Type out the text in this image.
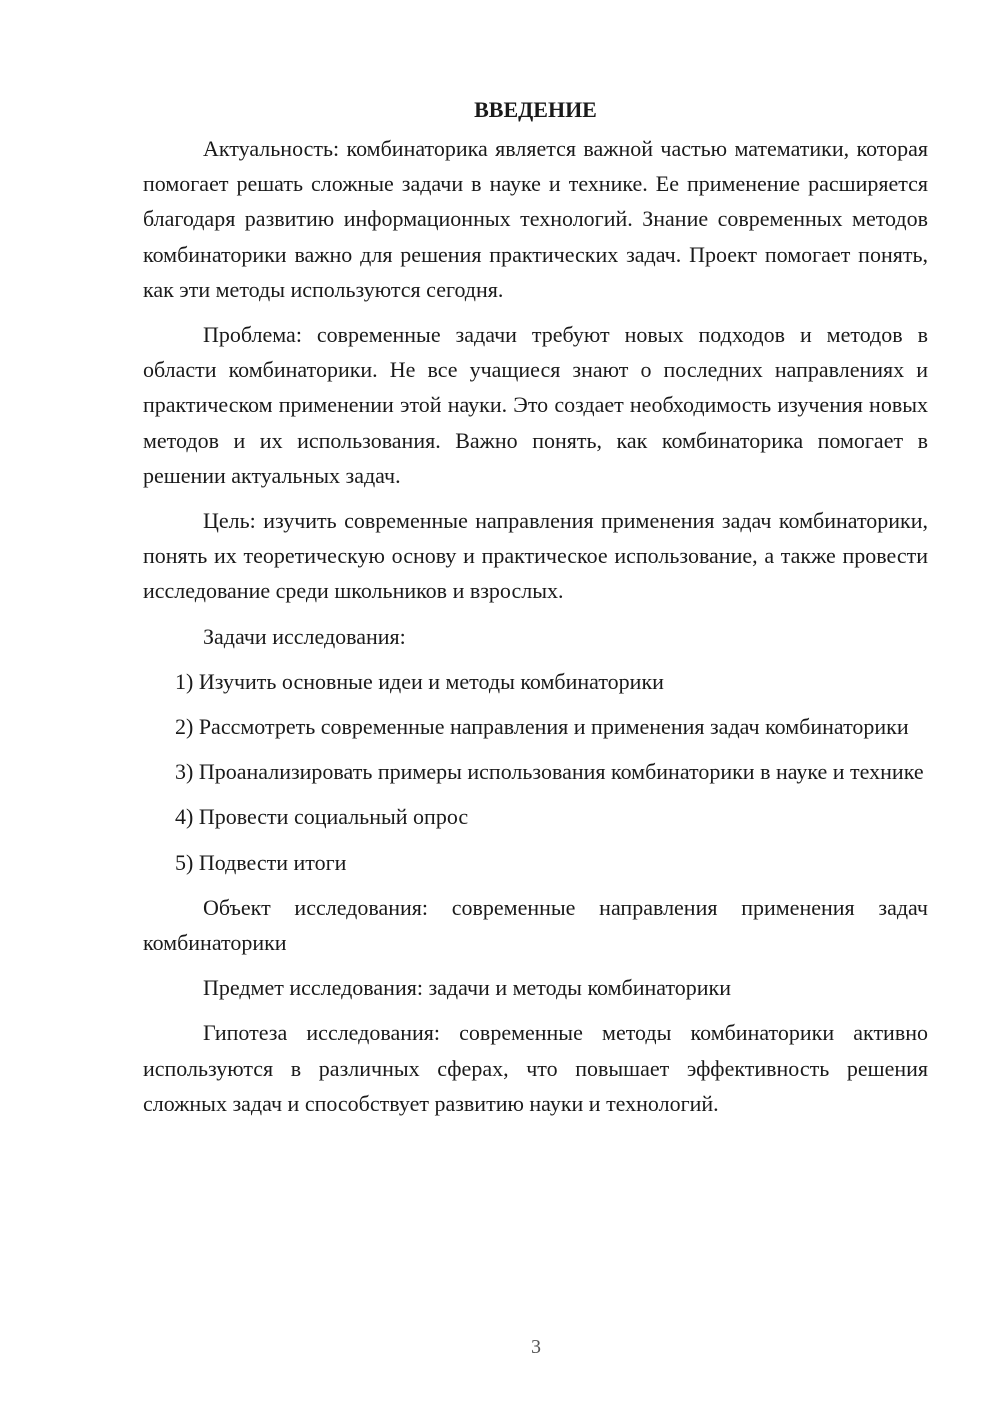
ВВЕДЕНИЕ

Актуальность: комбинаторика является важной частью математики, которая помогает решать сложные задачи в науке и технике. Ее применение расширяется благодаря развитию информационных технологий. Знание современных методов комбинаторики важно для решения практических задач. Проект помогает понять, как эти методы используются сегодня.

Проблема: современные задачи требуют новых подходов и методов в области комбинаторики. Не все учащиеся знают о последних направлениях и практическом применении этой науки. Это создает необходимость изучения новых методов и их использования. Важно понять, как комбинаторика помогает в решении актуальных задач.

Цель: изучить современные направления применения задач комбинаторики, понять их теоретическую основу и практическое использование, а также провести исследование среди школьников и взрослых.

Задачи исследования:

1) Изучить основные идеи и методы комбинаторики

2) Рассмотреть современные направления и применения задач комбинаторики

3) Проанализировать примеры использования комбинаторики в науке и технике

4) Провести социальный опрос

5) Подвести итоги

Объект исследования: современные направления применения задач комбинаторики

Предмет исследования: задачи и методы комбинаторики

Гипотеза исследования: современные методы комбинаторики активно используются в различных сферах, что повышает эффективность решения сложных задач и способствует развитию науки и технологий.

3
